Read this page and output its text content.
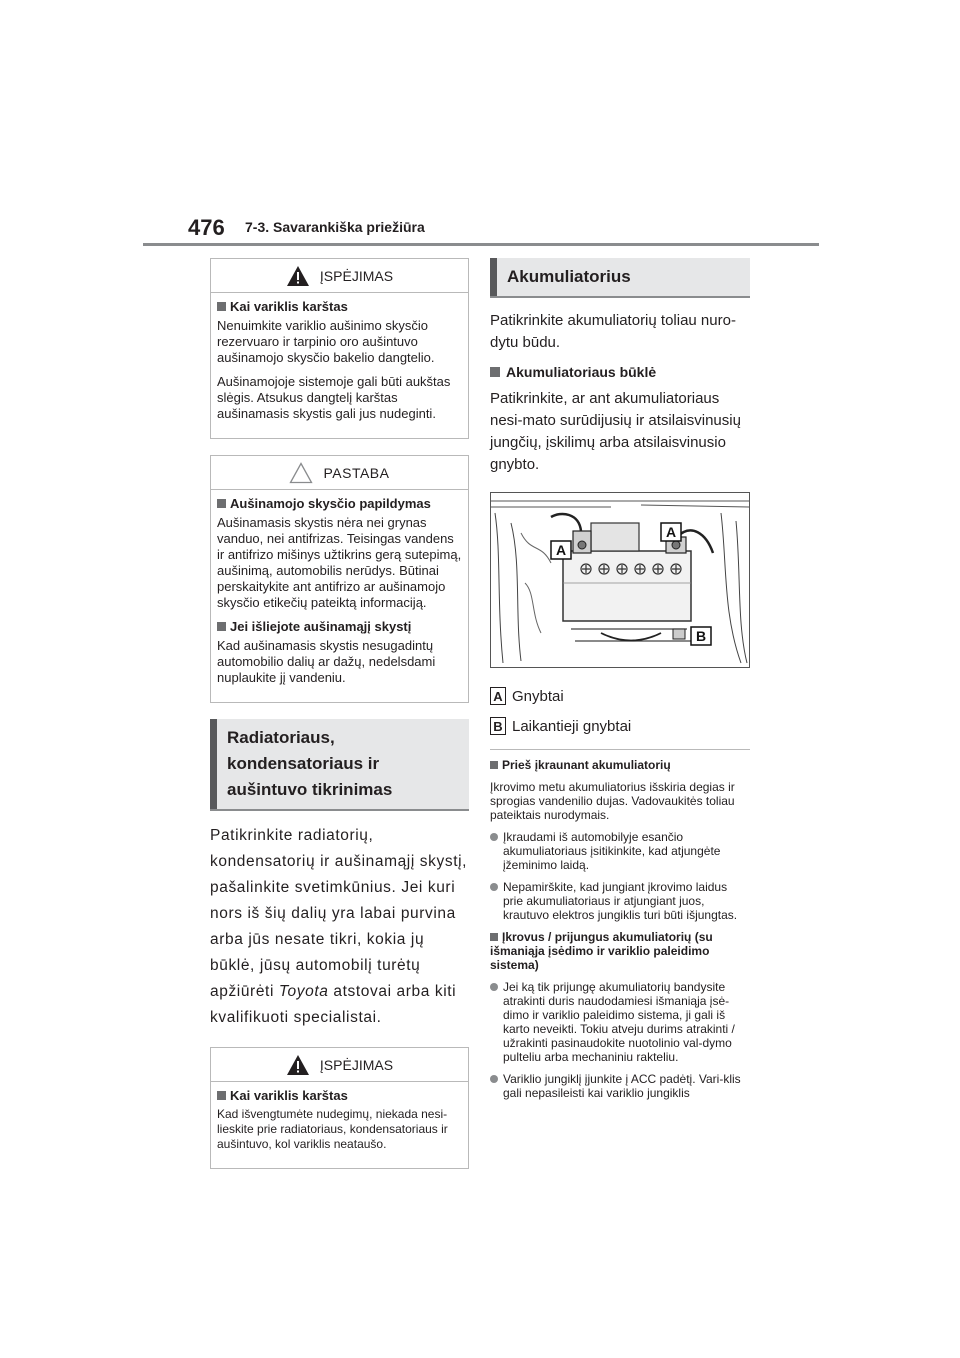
476 7-3. Savarankiška priežiūra
ĮSPĖJIMAS
Kai variklis karštas

Nenuimkite variklio aušinimo skysčio rezervuaro ir tarpinio oro aušintuvo aušinamojo skysčio bakelio dangtelio.

Aušinamojoje sistemoje gali būti aukštas slėgis. Atsukus dangtelį karštas aušinamasis skystis gali jus nudeginti.

PASTABA
Aušinamojo skysčio papildymas

Aušinamasis skystis nėra nei grynas vanduo, nei antifrizas. Teisingas vandens ir antifrizo mišinys užtikrins gerą sutepimą, aušinimą, automobilis nerūdys. Būtinai perskaitykite ant antifrizo ar aušinamojo skysčio etikečių pateiktą informaciją.

Jei išliejote aušinamąjį skystį

Kad aušinamasis skystis nesugadintų automobilio dalių ar dažų, nedelsdami nuplaukite jį vandeniu.

Radiatoriaus, kondensatoriaus ir aušintuvo tikrinimas

Patikrinkite radiatorių, kondensatorių ir aušinamąjį skystį, pašalinkite svetimkūnius. Jei kuri nors iš šių dalių yra labai purvina arba jūs nesate tikri, kokia jų būklė, jūsų automobilį turėtų apžiūrėti Toyota atstovai arba kiti kvalifikuoti specialistai.

ĮSPĖJIMAS
Kai variklis karštas

Kad išvengtumėte nudegimų, niekada nesi-lieskite prie radiatoriaus, kondensatoriaus ir aušintuvo, kol variklis neataušo.

Akumuliatorius

Patikrinkite akumuliatorių toliau nuro-dytu būdu.

Akumuliatoriaus būklė

Patikrinkite, ar ant akumuliatoriaus nesi-mato surūdijusių ir atsilaisvinusių jungčių, įskilimų arba atsilaisvinusio gnybto.

A
A
B
A Gnybtai
B Laikantieji gnybtai
Prieš įkraunant akumuliatorių

Įkrovimo metu akumuliatorius išskiria degias ir sprogias vandenilio dujas. Vadovaukitės toliau pateiktais nurodymais.

Įkraudami iš automobilyje esančio akumuliatoriaus įsitikinkite, kad atjungėte įžeminimo laidą.
Nepamirškite, kad jungiant įkrovimo laidus prie akumuliatoriaus ir atjungiant juos, krautuvo elektros jungiklis turi būti išjungtas.
Įkrovus / prijungus akumuliatorių (su išmaniąja įsėdimo ir variklio paleidimo sistema)
Jei ką tik prijungę akumuliatorių bandysite atrakinti duris naudodamiesi išmaniąja įsė-dimo ir variklio paleidimo sistema, ji gali iš karto neveikti. Tokiu atveju durims atrakinti / užrakinti pasinaudokite nuotolinio val-dymo pulteliu arba mechaniniu rakteliu.
Variklio jungiklį įjunkite į ACC padėtį. Vari-klis gali nepasileisti kai variklio jungiklis
